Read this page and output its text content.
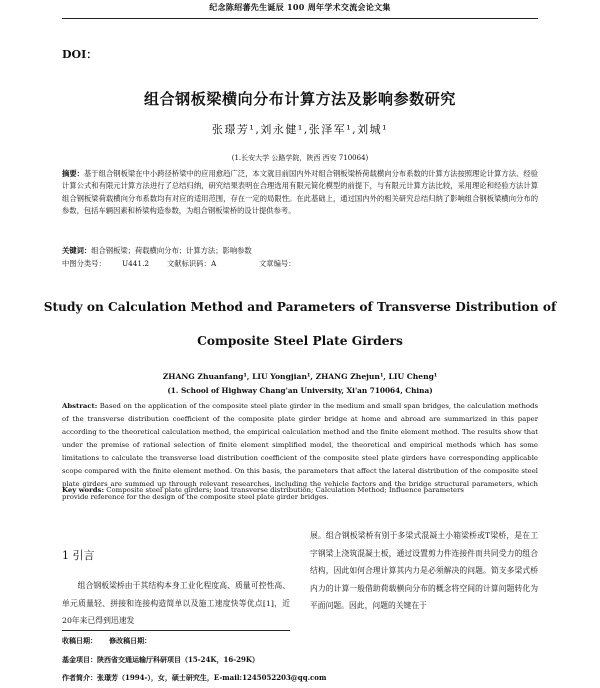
纪念陈绍蕃先生诞辰 100 周年学术交流会论文集
DOI：
组合钢板梁横向分布计算方法及影响参数研究
张璟芳¹,刘永健¹,张泽军¹,刘城¹
(1.长安大学 公路学院，陕西 西安 710064)
摘要：基于组合钢板梁在中小跨径桥梁中的应用愈趋广泛，本文就目前国内外对组合钢板梁桥荷载横向分布系数的计算方法按照理论计算方法、经验计算公式和有限元计算方法进行了总结归纳，研究结果表明在合理选用有限元简化模型的前提下，与有限元计算方法比较，采用理论和经验方法计算组合钢板梁荷载横向分布系数均有对应的适用范围，存在一定的局限性。在此基础上，通过国内外的相关研究总结归纳了影响组合钢板梁横向分布的参数，包括车辆因素和桥梁构造参数，为组合钢板梁桥的设计提供参考。
关键词：组合钢板梁；荷载横向分布；计算方法；影响参数
中图分类号： U441.2 文献标识码：A	文章编号：
Study on Calculation Method and Parameters of Transverse Distribution of Composite Steel Plate Girders
ZHANG Zhuanfang¹, LIU Yongjian¹, ZHANG Zhejun¹, LIU Cheng¹
(1. School of Highway Chang'an University, Xi'an 710064, China)
Abstract: Based on the application of the composite steel plate girder in the medium and small span bridges, the calculation methods of the transverse distribution coefficient of the composite plate girder bridge at home and abroad are summarized in this paper according to the theoretical calculation method, the empirical calculation method and the finite element method. The results show that under the premise of rational selection of finite element simplified model, the theoretical and empirical methods which has some limitations to calculate the transverse load distribution coefficient of the composite steel plate girders have corresponding applicable scope compared with the finite element method. On this basis, the parameters that affect the lateral distribution of the composite steel plate girders are summed up through relevant researches, including the vehicle factors and the bridge structural parameters, which provide reference for the design of the composite steel plate girder bridges.
Key words: Composite steel plate girders; load transverse distribution; Calculation Method; Influence parameters
1 引言
组合钢板梁桥由于其结构本身工业化程度高、质量可控性高、单元质量轻、拼接和连接构造简单以及施工速度快等优点[1]，近20年来已得到迅速发
展。组合钢板梁桥有别于多梁式混凝土小箱梁桥或T梁桥，是在工字钢梁上浇筑混凝土板，通过设置剪力件连接件而共同受力的组合结构，因此如何合理计算其内力是必须解决的问题。简支多梁式桥内力的计算一般借助荷载横向分布的概念将空间的计算问题转化为平面问题。因此，问题的关键在于
收稿日期：     修改稿日期：
基金项目：陕西省交通运输厅科研项目（15-24K，16-29K）
作者简介：张璟芳（1994-），女，硕士研究生，E-mail:1245052203@qq.com
